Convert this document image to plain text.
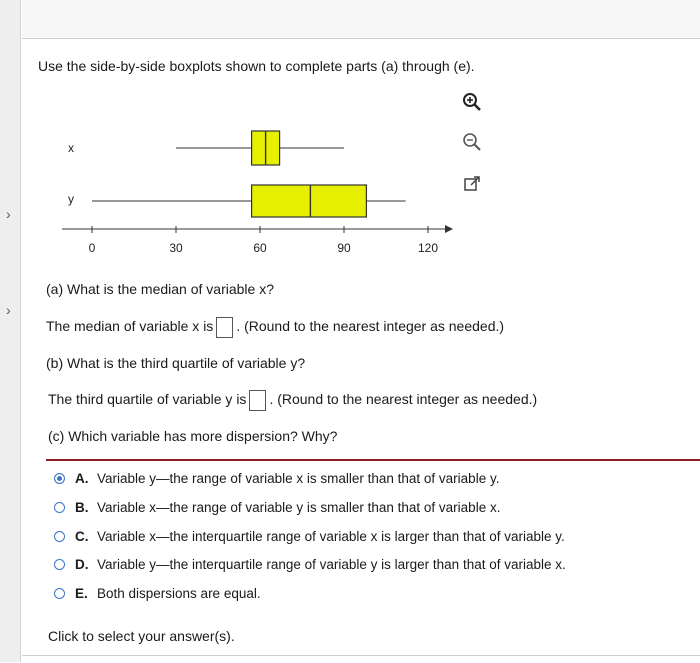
›
›
Use the side-by-side boxplots shown to complete parts (a) through (e).
x
y
0	30	60	90	120
(a) What is the median of variable x?
The median of variable x is . (Round to the nearest integer as needed.)
(b) What is the third quartile of variable y?
The third quartile of variable y is . (Round to the nearest integer as needed.)
(c) Which variable has more dispersion? Why?
A. Variable y—the range of variable x is smaller than that of variable y.
B. Variable x—the range of variable y is smaller than that of variable x.
C. Variable x—the interquartile range of variable x is larger than that of variable y.
D. Variable y—the interquartile range of variable y is larger than that of variable x.
E. Both dispersions are equal.
Click to select your answer(s).
